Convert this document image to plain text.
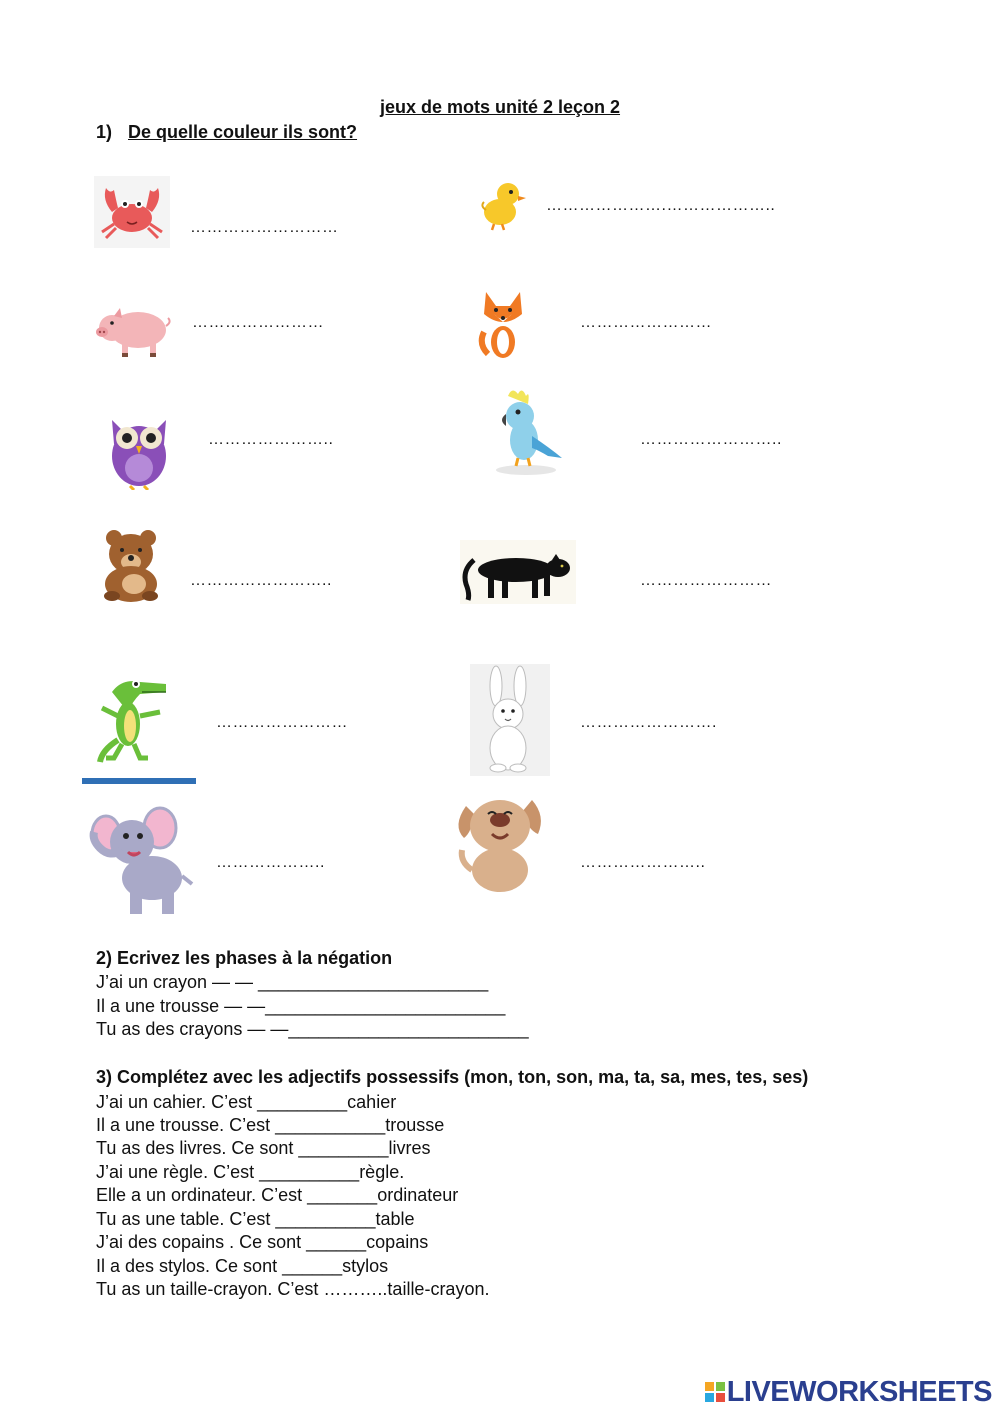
jeux de mots unité 2 leçon 2
1) De quelle couleur ils sont?
………………………
………………….………………..
……………………	……………………
…………………..	……………………..
……………………..	……………………
……………………	…………………….
………………..	…………………..
2) Ecrivez les phases à la négation
J’ai un crayon — — _______________________
Il a une trousse — —________________________
Tu as des crayons — —________________________
3) Complétez avec les adjectifs possessifs (mon, ton, son, ma, ta, sa, mes, tes, ses)
J’ai un cahier. C’est _________cahier
Il a une trousse. C’est ___________trousse
Tu as des livres. Ce sont _________livres
J’ai une règle. C’est __________règle.
Elle a un ordinateur. C’est _______ordinateur
Tu as une table. C’est __________table
J’ai des copains . Ce sont ______copains
Il a des stylos. Ce sont ______stylos
Tu as un taille-crayon. C’est ………..taille-crayon.
LIVEWORKSHEETS
